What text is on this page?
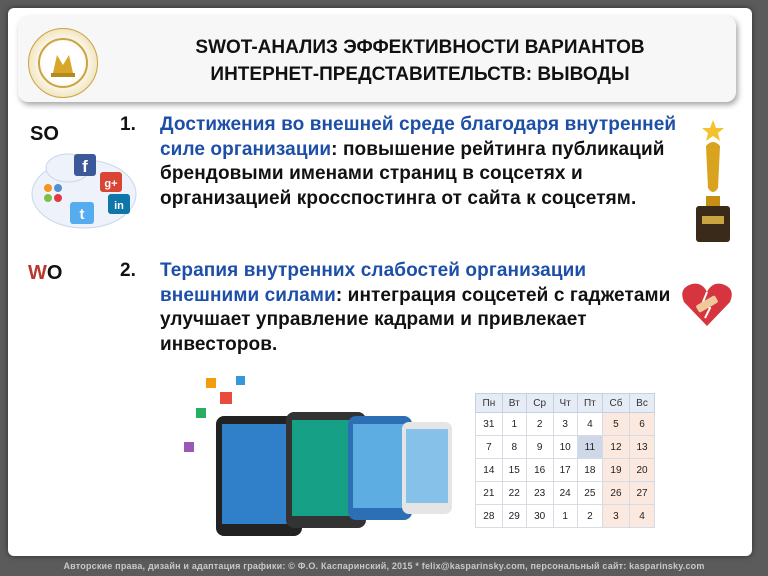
SWOT-АНАЛИЗ ЭФФЕКТИВНОСТИ ВАРИАНТОВ
ИНТЕРНЕТ-ПРЕДСТАВИТЕЛЬСТВ: ВЫВОДЫ
SO
WO
f
g+
t	in
1. Достижения во внешней среде благодаря внутренней силе организации: повышение рейтинга публикаций брендовыми именами страниц в соцсетях и организацией кросспостинга от сайта к соцсетям.
2. Терапия внутренних слабостей организации внешними силами: интеграция соцсетей с гаджетами улучшает управление кадрами и привлекает инвесторов.
Пн	Вт	Ср	Чт	Пт	Сб	Вс
31	1	2	3	4	5	6
7	8	9	10	11	12	13
14	15	16	17	18	19	20
21	22	23	24	25	26	27
28	29	30	1	2	3	4
Авторские права, дизайн и адаптация графики: © Ф.О. Каспаринский, 2015 * felix@kasparinsky.com, персональный сайт: kasparinsky.com
